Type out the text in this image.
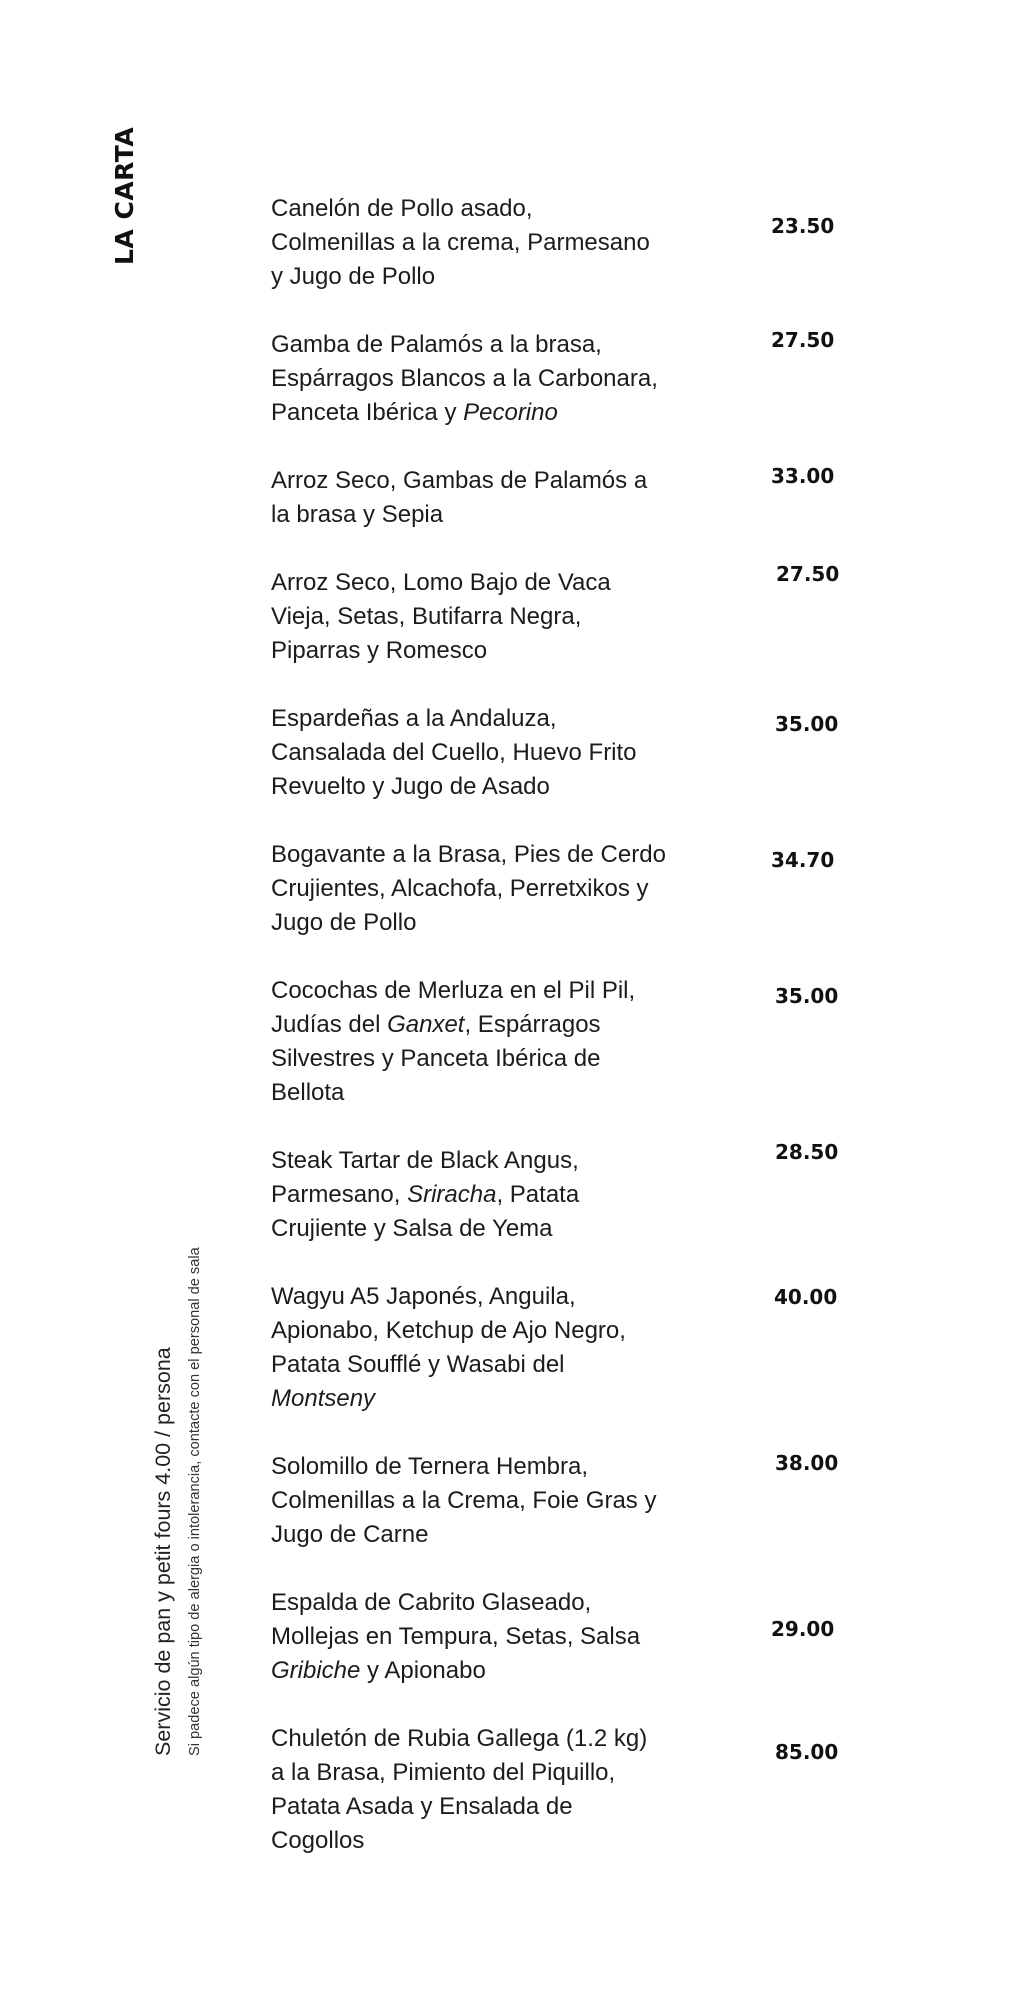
LA CARTA
Servicio de pan y petit fours 4.00 / persona Si padece algún tipo de alergia o intolerancia, contacte con el personal de sala
Canelón de Pollo asado,
Colmenillas a la crema, Parmesano
y Jugo de Pollo
23.50
Gamba de Palamós a la brasa,
Espárragos Blancos a la Carbonara,
Panceta Ibérica y Pecorino
27.50
Arroz Seco, Gambas de Palamós a
la brasa y Sepia
33.00
Arroz Seco, Lomo Bajo de Vaca
Vieja, Setas, Butifarra Negra,
Piparras y Romesco
27.50
Espardeñas a la Andaluza,
Cansalada del Cuello, Huevo Frito
Revuelto y Jugo de Asado
35.00
Bogavante a la Brasa, Pies de Cerdo
Crujientes, Alcachofa, Perretxikos y
Jugo de Pollo
34.70
Cocochas de Merluza en el Pil Pil,
Judías del Ganxet, Espárragos
Silvestres y Panceta Ibérica de
Bellota
35.00
Steak Tartar de Black Angus,
Parmesano, Sriracha, Patata
Crujiente y Salsa de Yema
28.50
Wagyu A5 Japonés, Anguila,
Apionabo, Ketchup de Ajo Negro,
Patata Soufflé y Wasabi del
Montseny
40.00
Solomillo de Ternera Hembra,
Colmenillas a la Crema, Foie Gras y
Jugo de Carne
38.00
Espalda de Cabrito Glaseado,
Mollejas en Tempura, Setas, Salsa
Gribiche y Apionabo
29.00
Chuletón de Rubia Gallega (1.2 kg)
a la Brasa, Pimiento del Piquillo,
Patata Asada y Ensalada de
Cogollos
85.00
